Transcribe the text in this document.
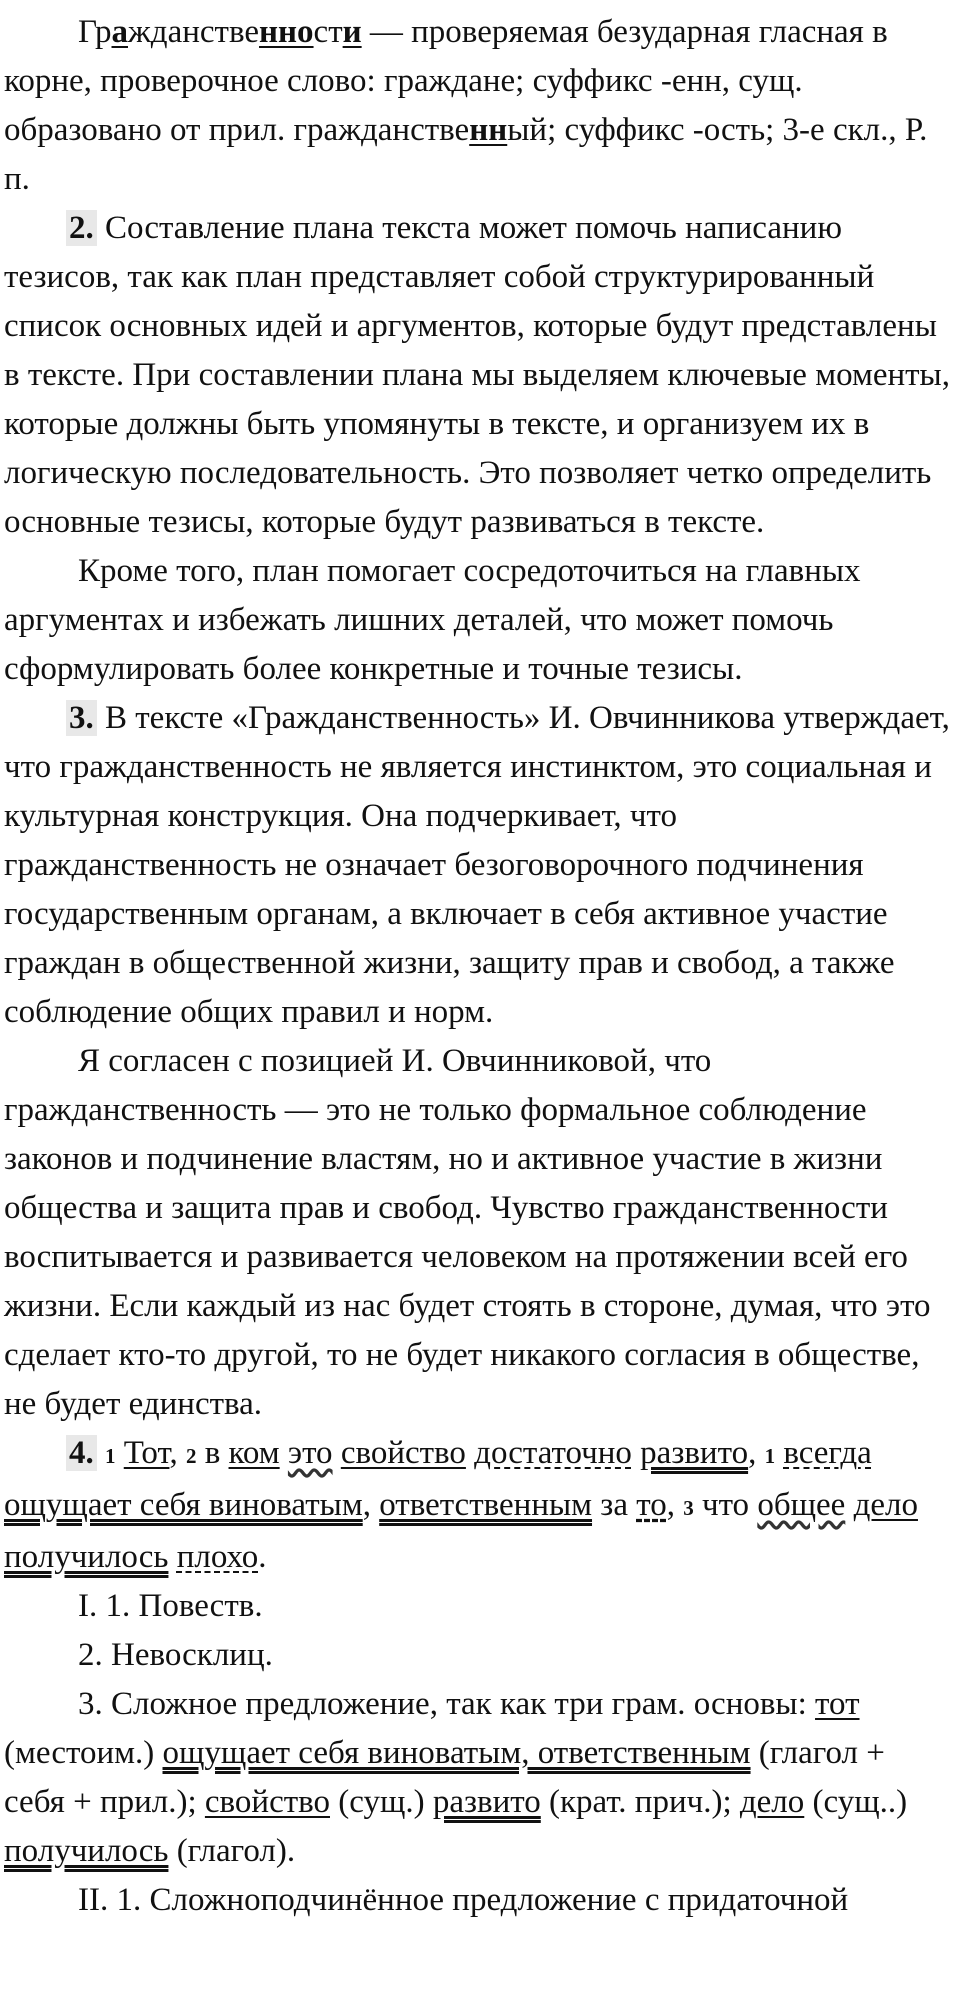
Гражданственности — проверяемая безударная гласная в корне, проверочное слово: граждане; суффикс -енн, сущ. образовано от прил. гражданственный; суффикс -ость; 3-е скл., Р. п.

2. Составление плана текста может помочь написанию тезисов, так как план представляет собой структурированный список основных идей и аргументов, которые будут представлены в тексте. При составлении плана мы выделяем ключевые моменты, которые должны быть упомянуты в тексте, и организуем их в логическую последовательность. Это позволяет четко определить основные тезисы, которые будут развиваться в тексте.

Кроме того, план помогает сосредоточиться на главных аргументах и избежать лишних деталей, что может помочь сформулировать более конкретные и точные тезисы.

3. В тексте «Гражданственность» И. Овчинникова утверждает, что гражданственность не является инстинктом, это социальная и культурная конструкция. Она подчеркивает, что гражданственность не означает безоговорочного подчинения государственным органам, а включает в себя активное участие граждан в общественной жизни, защиту прав и свобод, а также соблюдение общих правил и норм.

Я согласен с позицией И. Овчинниковой, что гражданственность — это не только формальное соблюдение законов и подчинение властям, но и активное участие в жизни общества и защита прав и свобод. Чувство гражданственности воспитывается и развивается человеком на протяжении всей его жизни. Если каждый из нас будет стоять в стороне, думая, что это сделает кто-то другой, то не будет никакого согласия в обществе, не будет единства.

4. 1 Тот, 2 в ком это свойство достаточно развито, 1 всегда ощущает себя виноватым, ответственным за то, 3 что общее дело получилось плохо.

I. 1. Повеств.

2. Невосклиц.

3. Сложное предложение, так как три грам. основы: тот (местоим.) ощущает себя виноватым, ответственным (глагол + себя + прил.); свойство (сущ.) развито (крат. прич.); дело (сущ..) получилось (глагол).

II. 1. Сложноподчинённое предложение с придаточной
